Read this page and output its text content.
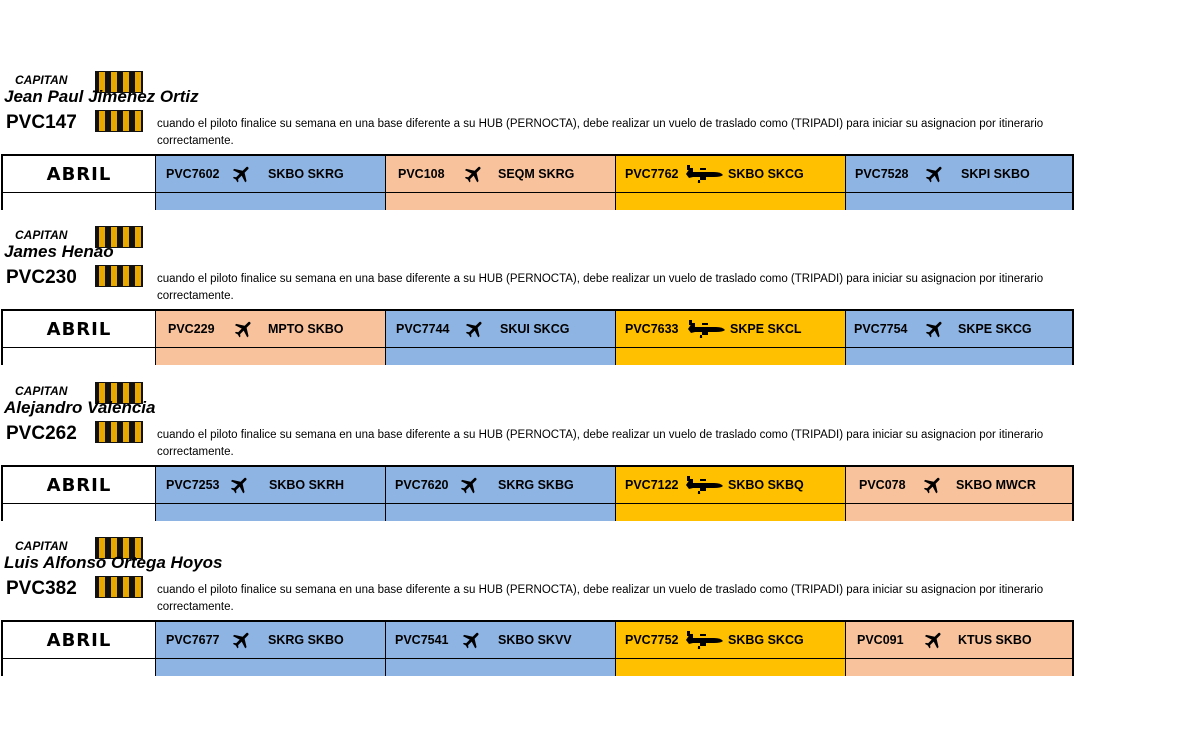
CAPITAN
Jean Paul Jimenez Ortiz
PVC147	cuando el piloto finalice su semana en una base diferente a su HUB (PERNOCTA), debe realizar un vuelo de traslado como (TRIPADI) para iniciar su asignacion por itinerario correctamente.
ABRIL	PVC7602	SKBO SKRG	PVC108	SEQM SKRG	PVC7762	SKBO SKCG	PVC7528	SKPI SKBO
CAPITAN
James Henao
PVC230	cuando el piloto finalice su semana en una base diferente a su HUB (PERNOCTA), debe realizar un vuelo de traslado como (TRIPADI) para iniciar su asignacion por itinerario correctamente.
ABRIL	PVC229	MPTO SKBO	PVC7744	SKUI SKCG	PVC7633	SKPE SKCL	PVC7754	SKPE SKCG
CAPITAN
Alejandro Valencia
PVC262	cuando el piloto finalice su semana en una base diferente a su HUB (PERNOCTA), debe realizar un vuelo de traslado como (TRIPADI) para iniciar su asignacion por itinerario correctamente.
ABRIL	PVC7253	SKBO SKRH	PVC7620	SKRG SKBG	PVC7122	SKBO SKBQ	PVC078	SKBO MWCR
CAPITAN
Luis Alfonso Ortega Hoyos
PVC382	cuando el piloto finalice su semana en una base diferente a su HUB (PERNOCTA), debe realizar un vuelo de traslado como (TRIPADI) para iniciar su asignacion por itinerario correctamente.
ABRIL	PVC7677	SKRG SKBO	PVC7541	SKBO SKVV	PVC7752	SKBG SKCG	PVC091	KTUS SKBO
